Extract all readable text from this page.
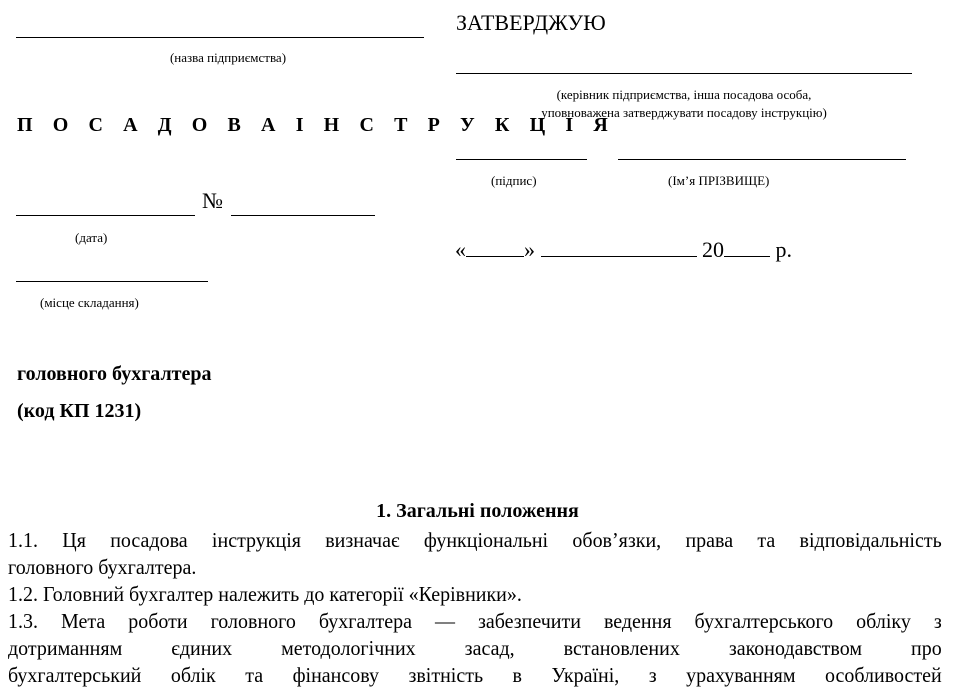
(назва підприємства)
П О С А Д О В А І Н С Т Р У К Ц І Я
№
(дата)
(місце складання)
ЗАТВЕРДЖУЮ
(керівник підприємства, інша посадова особа,
уповноважена затверджувати посадову інструкцію)
(підпис)	(Ім’я ПРІЗВИЩЕ)
«	»	20 р.
головного бухгалтера
(код КП 1231)
1. Загальні положення
1.1. Ця посадова інструкція визначає функціональні обов’язки, права та відповідальність
головного бухгалтера.
1.2. Головний бухгалтер належить до категорії «Керівники».
1.3. Мета роботи головного бухгалтера — забезпечити ведення бухгалтерського обліку з
дотриманням єдиних методологічних засад, встановлених законодавством про
бухгалтерський облік та фінансову звітність в Україні, з урахуванням особливостей
